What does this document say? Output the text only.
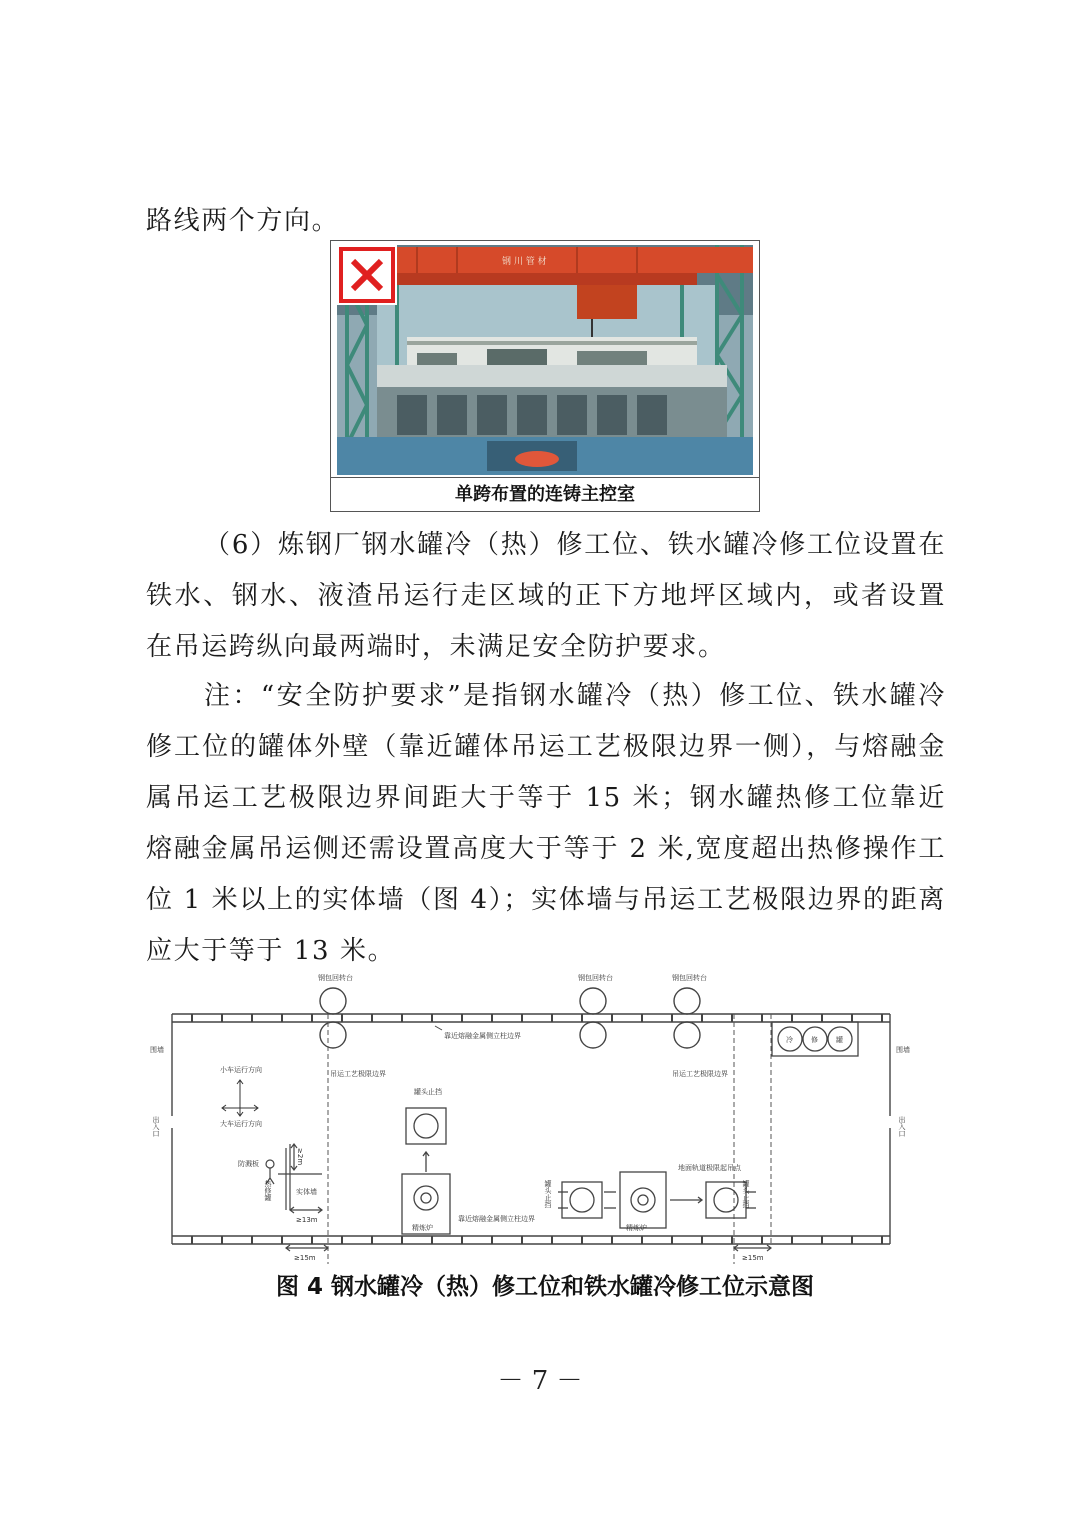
路线两个方向。

钢 川 管 材
单跨布置的连铸主控室

（6）炼钢厂钢水罐冷（热）修工位、铁水罐冷修工位设置在铁水、钢水、液渣吊运行走区域的正下方地坪区域内，或者设置在吊运跨纵向最两端时，未满足安全防护要求。

注：“安全防护要求”是指钢水罐冷（热）修工位、铁水罐冷修工位的罐体外壁（靠近罐体吊运工艺极限边界一侧），与熔融金属吊运工艺极限边界间距大于等于 15 米；钢水罐热修工位靠近熔融金属吊运侧还需设置高度大于等于 2 米,宽度超出热修操作工位 1 米以上的实体墙（图 4）；实体墙与吊运工艺极限边界的距离应大于等于 13 米。

钢包回转台	钢包回转台	钢包回转台
靠近熔融金属侧立柱边界
靠近熔融金属侧立柱边界
围墙	围墙
吊运工艺极限边界	吊运工艺极限边界
小车运行方向
大车运行方向
出入口	出入口
罐头止挡
精炼炉
地面轨道极限起吊点
精炼炉
罐头止挡	罐头止挡
冷	修	罐
防溅板
热修罐	实体墙
≥2m
≥13m
≥15m	≥15m
图 4 钢水罐冷（热）修工位和铁水罐冷修工位示意图
－ 7 －
